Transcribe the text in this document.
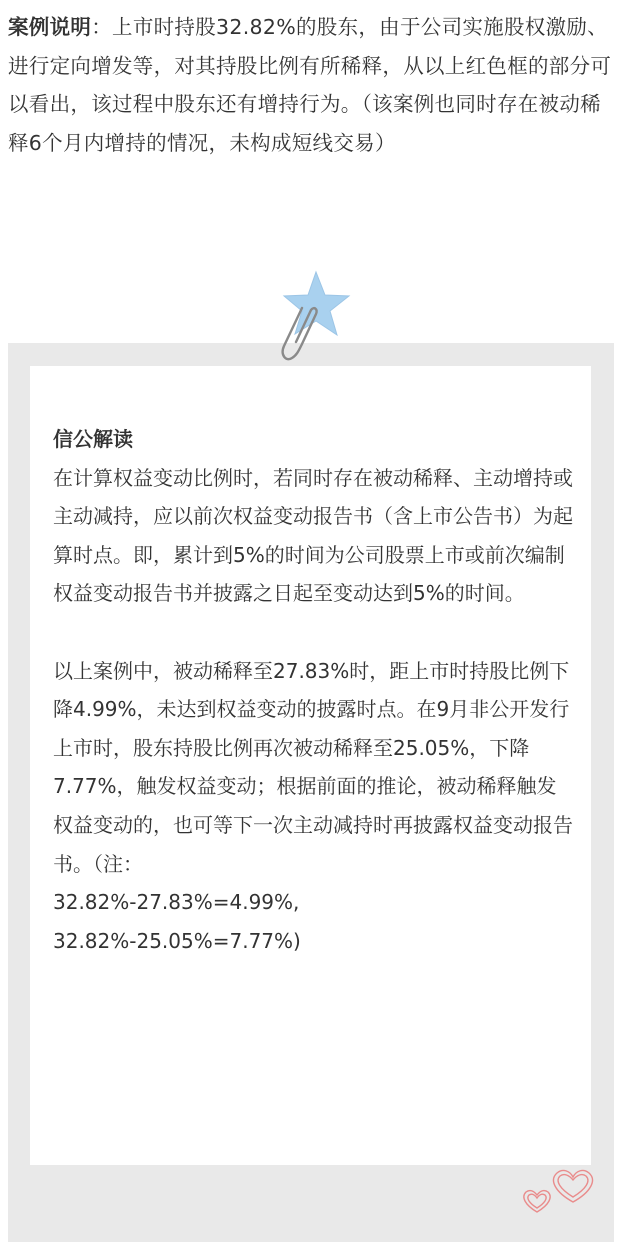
案例说明：上市时持股32.82%的股东，由于公司实施股权激励、进行定向增发等，对其持股比例有所稀释，从以上红色框的部分可以看出，该过程中股东还有增持行为。（该案例也同时存在被动稀释6个月内增持的情况，未构成短线交易）
信公解读
在计算权益变动比例时，若同时存在被动稀释、主动增持或主动减持，应以前次权益变动报告书（含上市公告书）为起算时点。即，累计到5%的时间为公司股票上市或前次编制权益变动报告书并披露之日起至变动达到5%的时间。
以上案例中，被动稀释至27.83%时，距上市时持股比例下降4.99%，未达到权益变动的披露时点。在9月非公开发行上市时，股东持股比例再次被动稀释至25.05%，下降7.77%，触发权益变动；根据前面的推论，被动稀释触发权益变动的，也可等下一次主动减持时再披露权益变动报告书。（注：
32.82%-27.83%=4.99%,
32.82%-25.05%=7.77%)
